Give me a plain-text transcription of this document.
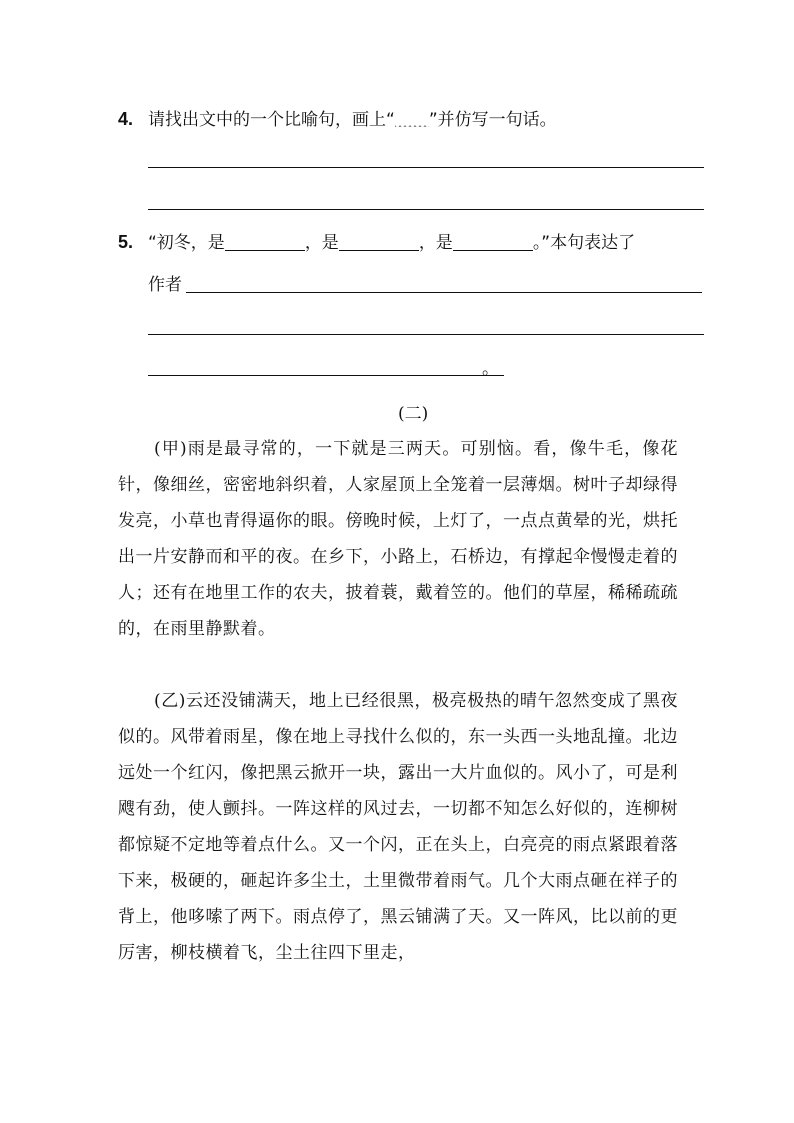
4. 请找出文中的一个比喻句，画上“ ”并仿写一句话。
5. “初冬，是	，是	，是	。”本句表达了
作者
。
(二)
(甲)雨是最寻常的，一下就是三两天。可别恼。看，像牛毛，像花针，像细丝，密密地斜织着，人家屋顶上全笼着一层薄烟。树叶子却绿得发亮，小草也青得逼你的眼。傍晚时候，上灯了，一点点黄晕的光，烘托出一片安静而和平的夜。在乡下，小路上，石桥边，有撑起伞慢慢走着的人；还有在地里工作的农夫，披着蓑，戴着笠的。他们的草屋，稀稀疏疏的，在雨里静默着。
(乙)云还没铺满天，地上已经很黑，极亮极热的晴午忽然变成了黑夜似的。风带着雨星，像在地上寻找什么似的，东一头西一头地乱撞。北边远处一个红闪，像把黑云掀开一块，露出一大片血似的。风小了，可是利飕有劲，使人颤抖。一阵这样的风过去，一切都不知怎么好似的，连柳树都惊疑不定地等着点什么。又一个闪，正在头上，白亮亮的雨点紧跟着落下来，极硬的，砸起许多尘土，土里微带着雨气。几个大雨点砸在祥子的背上，他哆嗦了两下。雨点停了，黑云铺满了天。又一阵风，比以前的更厉害，柳枝横着飞，尘土往四下里走，
